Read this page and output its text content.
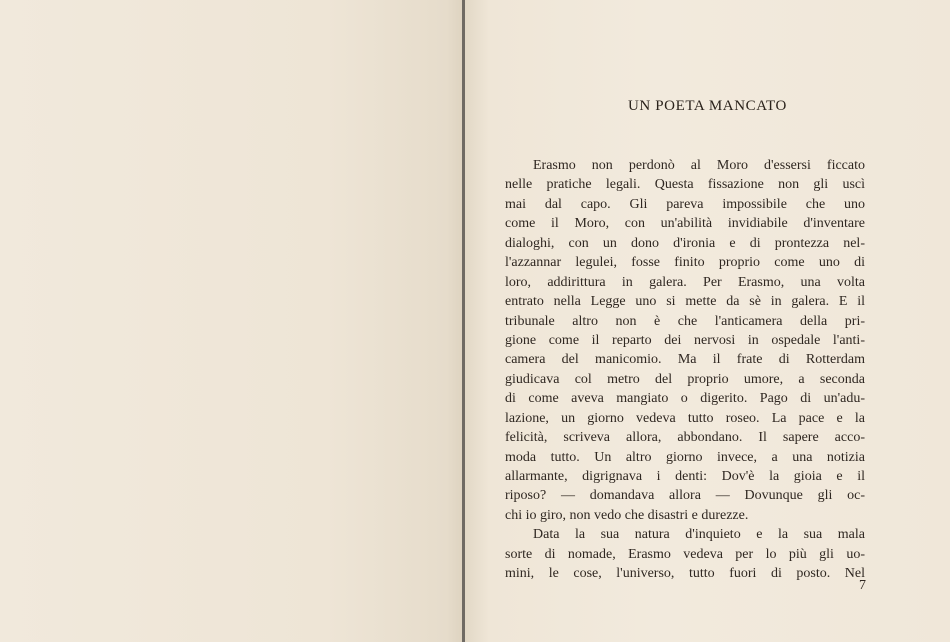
UN POETA MANCATO
Erasmo non perdonò al Moro d'essersi ficcato
nelle pratiche legali. Questa fissazione non gli uscì
mai dal capo. Gli pareva impossibile che uno
come il Moro, con un'abilità invidiabile d'inventare
dialoghi, con un dono d'ironia e di prontezza nel-
l'azzannar legulei, fosse finito proprio come uno di
loro, addirittura in galera. Per Erasmo, una volta
entrato nella Legge uno si mette da sè in galera. E il
tribunale altro non è che l'anticamera della pri-
gione come il reparto dei nervosi in ospedale l'anti-
camera del manicomio. Ma il frate di Rotterdam
giudicava col metro del proprio umore, a seconda
di come aveva mangiato o digerito. Pago di un'adu-
lazione, un giorno vedeva tutto roseo. La pace e la
felicità, scriveva allora, abbondano. Il sapere acco-
moda tutto. Un altro giorno invece, a una notizia
allarmante, digrignava i denti: Dov'è la gioia e il
riposo? — domandava allora — Dovunque gli oc-
chi io giro, non vedo che disastri e durezze.
Data la sua natura d'inquieto e la sua mala
sorte di nomade, Erasmo vedeva per lo più gli uo-
mini, le cose, l'universo, tutto fuori di posto. Nel
7
